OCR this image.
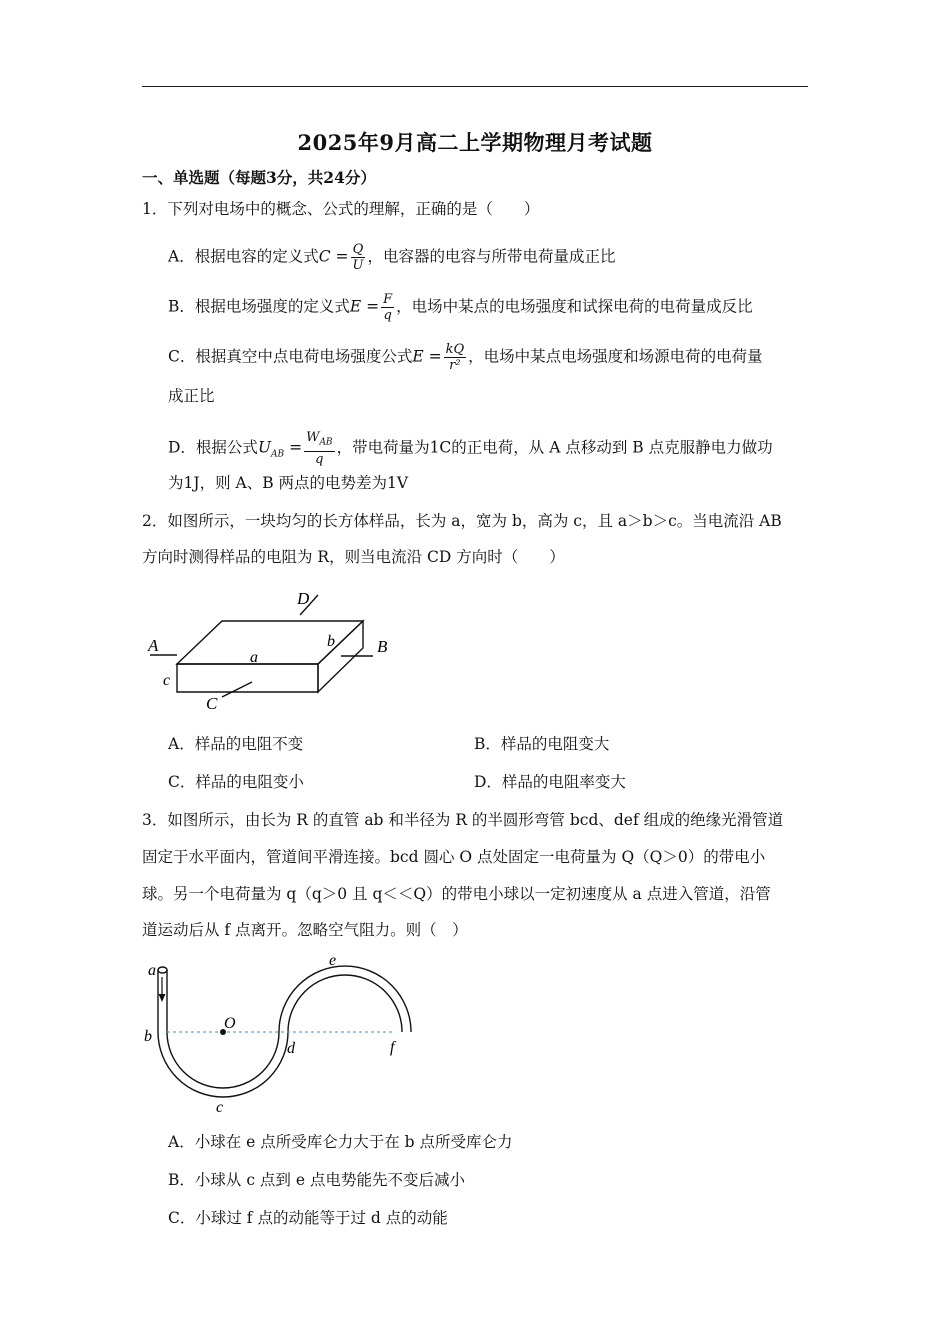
2025年9月高二上学期物理月考试题
一、单选题（每题3分，共24分）
1．下列对电场中的概念、公式的理解，正确的是（　　）
A．根据电容的定义式$C = \frac{Q}{U}$ ，电容器的电容与所带电荷量成正比
B．根据电场强度的定义式$E = \frac{F}{q}$ ，电场中某点的电场强度和试探电荷的电荷量成反比
C．根据真空中点电荷电场强度公式$E = \frac{kQ}{\text{r²}}$ ，电场中某点电场强度和场源电荷的电荷量
成正比
D．根据公式$U_{AB} = \frac{W_{AB}}{q}$ ，带电荷量为1C的正电荷，从 A 点移动到 B 点克服静电力做功
为1J，则 A、B 两点的电势差为1V
2．如图所示，一块均匀的长方体样品，长为 a，宽为 b，高为 c，且 a＞b＞c。当电流沿 AB
方向时测得样品的电阻为 R，则当电流沿 CD 方向时（　　）
A	B
C
D
a
b
c
A．样品的电阻不变	B．样品的电阻变大
C．样品的电阻变小	D．样品的电阻率变大
3．如图所示，由长为 R 的直管 ab 和半径为 R 的半圆形弯管 bcd、def 组成的绝缘光滑管道
固定于水平面内，管道间平滑连接。bcd 圆心 O 点处固定一电荷量为 Q（Q＞0）的带电小
球。另一个电荷量为 q（q＞0 且 q＜＜Q）的带电小球以一定初速度从 a 点进入管道，沿管
道运动后从 f 点离开。忽略空气阻力。则（　）
a
b
c
d
e
f
O
A．小球在 e 点所受库仑力大于在 b 点所受库仑力
B．小球从 c 点到 e 点电势能先不变后减小
C．小球过 f 点的动能等于过 d 点的动能
